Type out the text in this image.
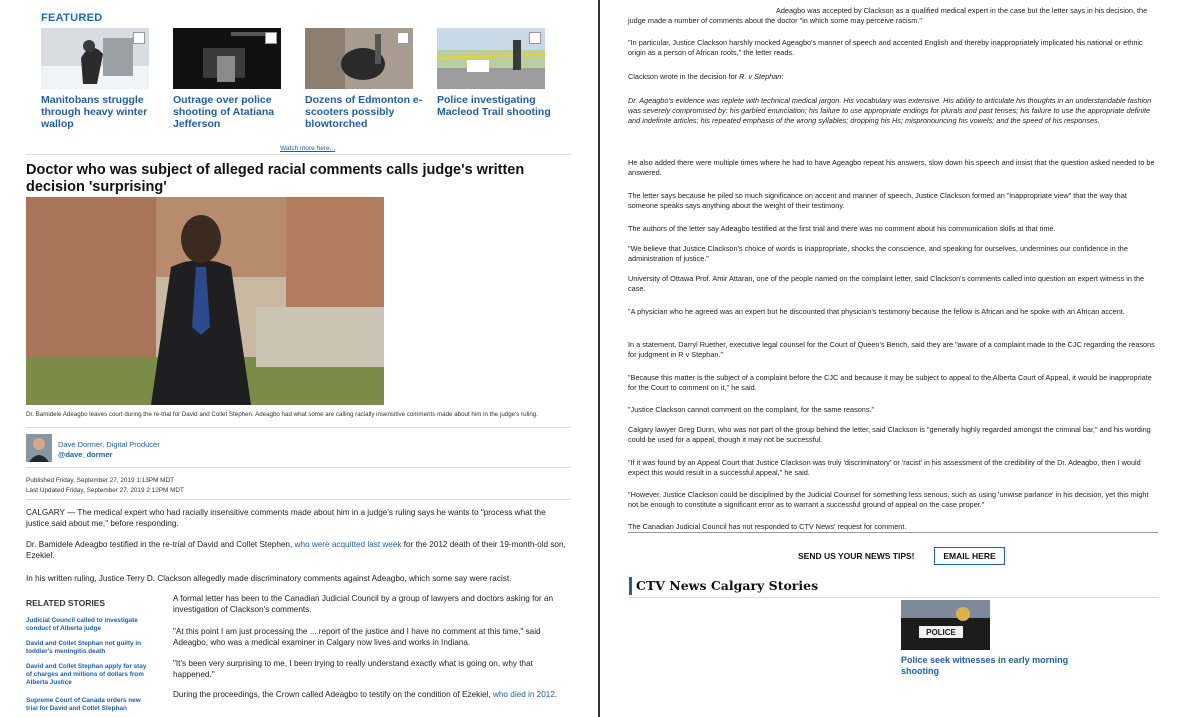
FEATURED
Manitobans struggle through heavy winter wallop
Outrage over police shooting of Atatiana Jefferson
Dozens of Edmonton e-scooters possibly blowtorched
Police investigating Macleod Trail shooting
Watch more here...
Doctor who was subject of alleged racial comments calls judge's written decision 'surprising'
Dr. Bamidele Adeagbo leaves court during the re-trial for David and Collet Stephen. Adeagbo had what some are calling racially insensitive comments made about him in the judge's ruling.
Dave Dormer, Digital Producer
@dave_dormer
Published Friday, September 27, 2019 1:13PM MDT
Last Updated Friday, September 27, 2019 2:12PM MDT
CALGARY — The medical expert who had racially insensitive comments made about him in a judge's ruling says he wants to "process what the justice said about me," before responding.
Dr. Bamidele Adeagbo testified in the re-trial of David and Collet Stephen, who were acquitted last week for the 2012 death of their 19-month-old son, Ezekiel.
In his written ruling, Justice Terry D. Clackson allegedly made discriminatory comments against Adeagbo, which some say were racist.
RELATED STORIES
Judicial Council called to investigate conduct of Alberta judge
David and Collet Stephan not guilty in toddler's meningitis death
David and Collet Stephan apply for stay of charges and millions of dollars from Alberta Justice
Supreme Court of Canada orders new trial for David and Collet Stephan
A formal letter has been to the Canadian Judicial Council by a group of lawyers and doctors asking for an investigation of Clackson's comments.
"At this point I am just processing the ... report of the justice and I have no comment at this time," said Adeagbo, who was a medical examiner in Calgary now lives and works in Indiana.
"It's been very surprising to me, I been trying to really understand exactly what is going on, why that happened."
During the proceedings, the Crown called Adeagbo to testify on the condition of Ezekiel, who died in 2012.
Adeagbo was accepted by Clackson as a qualified medical expert in the case but the letter says in his decision, the judge made a number of comments about the doctor "in which some may perceive racism."
"In particular, Justice Clackson harshly mocked Ageagbo's manner of speech and accented English and thereby inappropriately implicated his national or ethnic origin as a person of African roots," the letter reads.
Clackson wrote in the decision for R. v Stephan:
Dr. Ageagbo's evidence was replete with technical medical jargon. His vocabulary was extensive. His ability to articulate his thoughts in an understandable fashion was severely compromised by: his garbled enunciation; his failure to use appropriate endings for plurals and past tenses; his failure to use the appropriate definite and indefinite articles; his repeated emphasis of the wrong syllables; dropping his Hs; mispronouncing his vowels; and the speed of his responses.
He also added there were multiple times where he had to have Ageagbo repeat his answers, slow down his speech and insist that the question asked needed to be answered.
The letter says because he piled so much significance on accent and manner of speech, Justice Clackson formed an "inappropriate view" that the way that someone speaks says anything about the weight of their testimony.
The authors of the letter say Adeagbo testified at the first trial and there was no comment about his communication skills at that time.
"We believe that Justice Clackson's choice of words is inappropriate, shocks the conscience, and speaking for ourselves, undermines our confidence in the administration of justice."
University of Ottawa Prof. Amir Attaran, one of the people named on the complaint letter, said Clackson's comments called into question an expert witness in the case.
"A physician who he agreed was an expert but he discounted that physician's testimony because the fellow is African and he spoke with an African accent.
In a statement, Darryl Ruether, executive legal counsel for the Court of Queen's Bench, said they are "aware of a complaint made to the CJC regarding the reasons for judgment in R v Stephan."
"Because this matter is the subject of a complaint before the CJC and because it may be subject to appeal to the Alberta Court of Appeal, it would be inappropriate for the Court to comment on it," he said.
"Justice Clackson cannot comment on the complaint, for the same reasons."
Calgary lawyer Greg Dunn, who was not part of the group behind the letter, said Clackson is "generally highly regarded amongst the criminal bar," and his wording could be used for a appeal, though it may not be successful.
"If it was found by an Appeal Court that Justice Clackson was truly 'discriminatory' or 'racist' in his assessment of the credibility of the Dr. Adeagbo, then I would expect this would result in a successful appeal," he said.
"However, Justice Clackson could be disciplined by the Judicial Counsel for something less serious, such as using 'unwise parlance' in his decision, yet this might not be enough to constitute a significant error as to warrant a successful ground of appeal on the case proper."
The Canadian Judicial Council has not responded to CTV News' request for comment.
SEND US YOUR NEWS TIPS!	EMAIL HERE
CTV News Calgary Stories
POLICE
Police seek witnesses in early morning shooting
